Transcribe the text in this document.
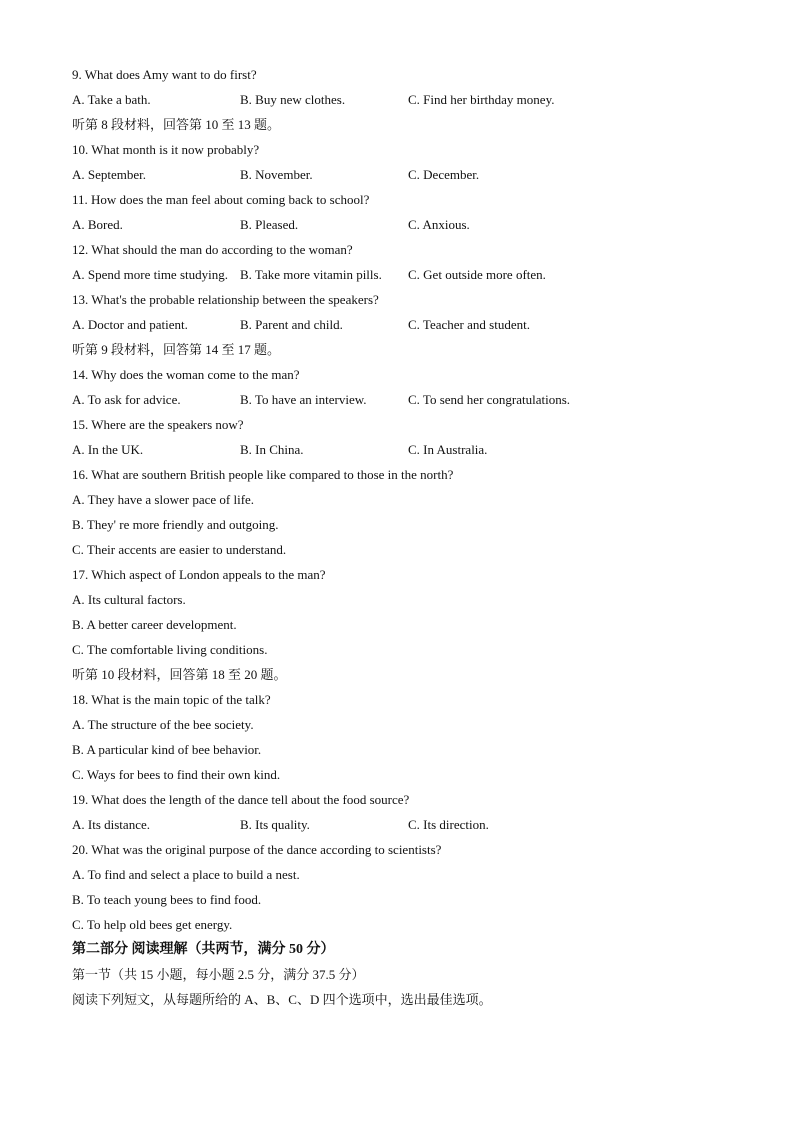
9. What does Amy want to do first?
A. Take a bath.	B. Buy new clothes.	C. Find her birthday money.
听第 8 段材料，回答第 10 至 13 题。
10. What month is it now probably?
A. September.	B. November.	C. December.
11. How does the man feel about coming back to school?
A. Bored.	B. Pleased.	C. Anxious.
12. What should the man do according to the woman?
A. Spend more time studying. B. Take more vitamin pills. C. Get outside more often.
13. What's the probable relationship between the speakers?
A. Doctor and patient.	B. Parent and child.	C. Teacher and student.
听第 9 段材料，回答第 14 至 17 题。
14. Why does the woman come to the man?
A. To ask for advice.	B. To have an interview.	C. To send her congratulations.
15. Where are the speakers now?
A. In the UK.	B. In China.	C. In Australia.
16. What are southern British people like compared to those in the north?
A. They have a slower pace of life.
B. They' re more friendly and outgoing.
C. Their accents are easier to understand.
17. Which aspect of London appeals to the man?
A. Its cultural factors.
B. A better career development.
C. The comfortable living conditions.
听第 10 段材料，回答第 18 至 20 题。
18. What is the main topic of the talk?
A. The structure of the bee society.
B. A particular kind of bee behavior.
C. Ways for bees to find their own kind.
19. What does the length of the dance tell about the food source?
A. Its distance.	B. Its quality.	C. Its direction.
20. What was the original purpose of the dance according to scientists?
A. To find and select a place to build a nest.
B. To teach young bees to find food.
C. To help old bees get energy.
第二部分 阅读理解（共两节，满分 50 分）
第一节（共 15 小题，每小题 2.5 分，满分 37.5 分）
阅读下列短文，从每题所给的 A、B、C、D 四个选项中，选出最佳选项。
